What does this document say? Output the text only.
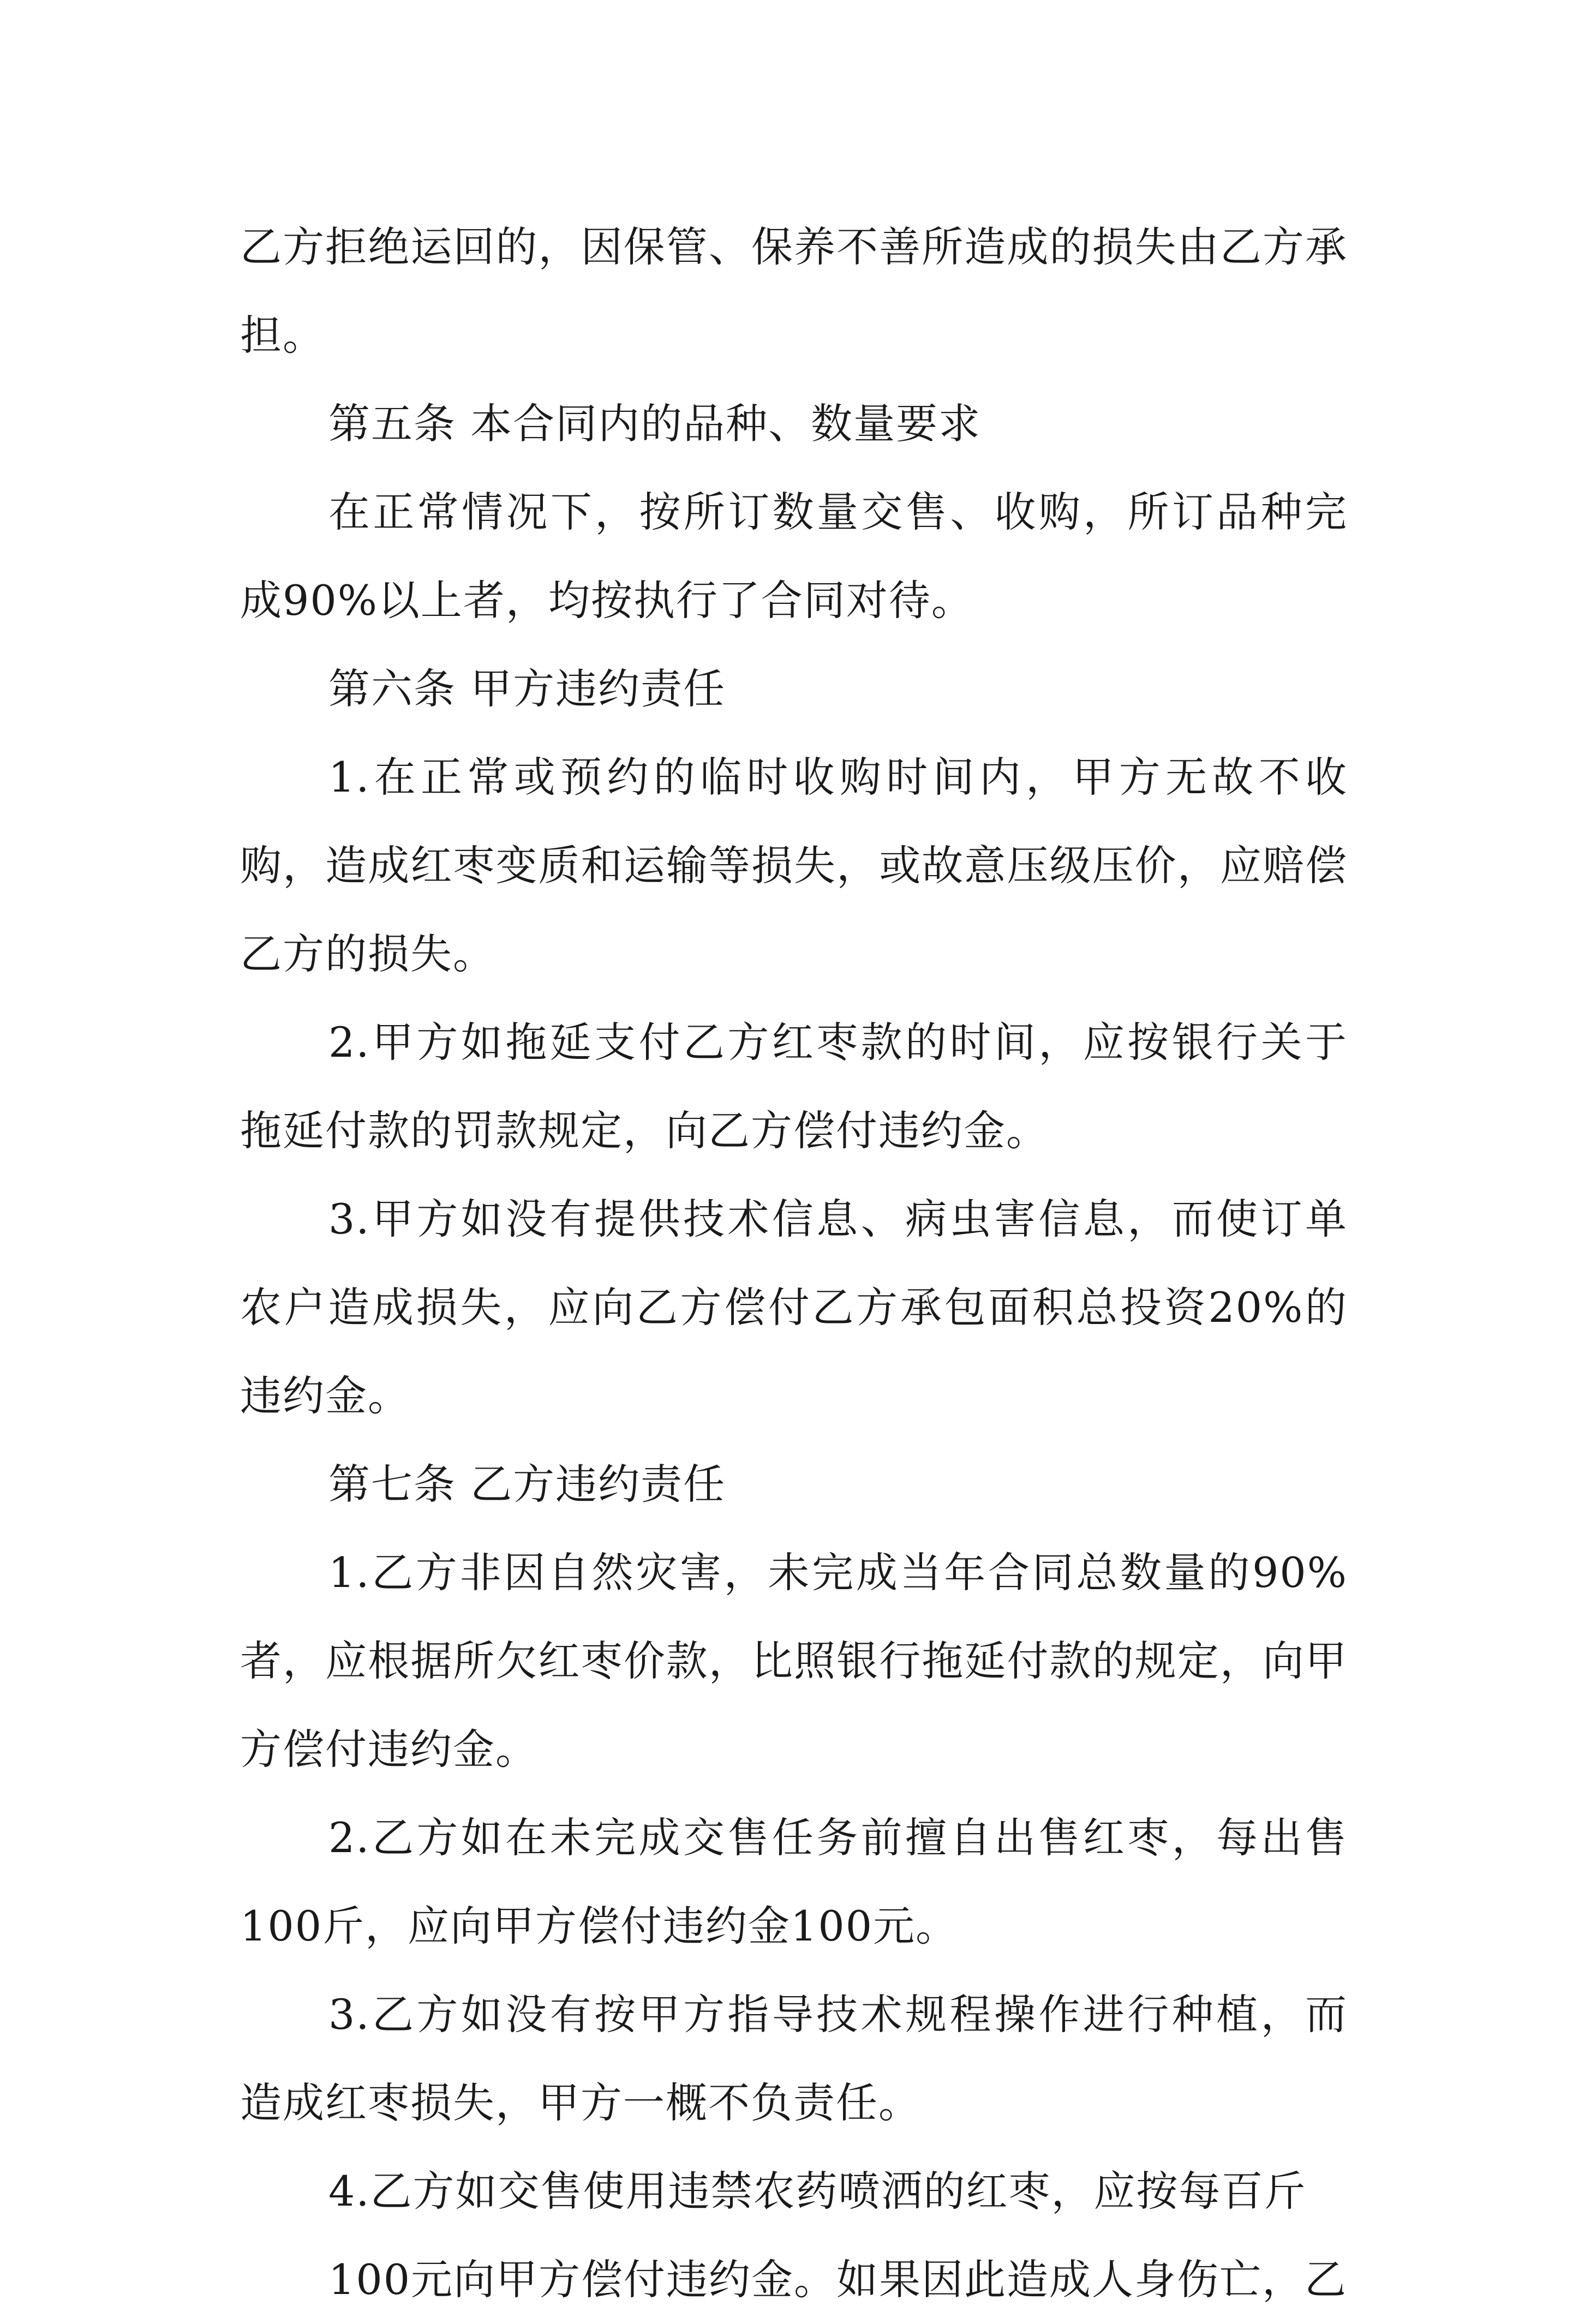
乙方拒绝运回的，因保管、保养不善所造成的损失由乙方承担。

第五条 本合同内的品种、数量要求

在正常情况下，按所订数量交售、收购，所订品种完成90%以上者，均按执行了合同对待。

第六条 甲方违约责任

1.在正常或预约的临时收购时间内，甲方无故不收购，造成红枣变质和运输等损失，或故意压级压价，应赔偿乙方的损失。

2.甲方如拖延支付乙方红枣款的时间，应按银行关于拖延付款的罚款规定，向乙方偿付违约金。

3.甲方如没有提供技术信息、病虫害信息，而使订单农户造成损失，应向乙方偿付乙方承包面积总投资20%的违约金。

第七条 乙方违约责任

1.乙方非因自然灾害，未完成当年合同总数量的90%者，应根据所欠红枣价款，比照银行拖延付款的规定，向甲方偿付违约金。

2.乙方如在未完成交售任务前擅自出售红枣，每出售100斤，应向甲方偿付违约金100元。

3.乙方如没有按甲方指导技术规程操作进行种植，而造成红枣损失，甲方一概不负责任。

4.乙方如交售使用违禁农药喷洒的红枣，应按每百斤

100元向甲方偿付违约金。如果因此造成人身伤亡，乙
